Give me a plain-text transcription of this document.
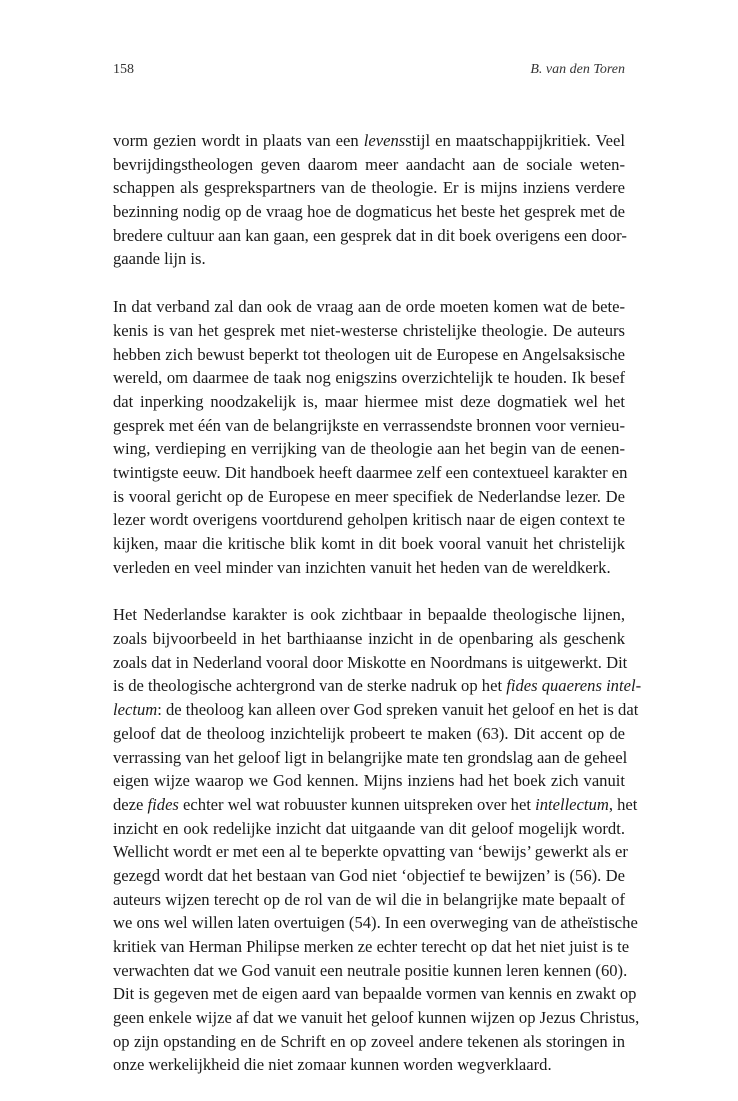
158	B. van den Toren
vorm gezien wordt in plaats van een levensstijl en maatschappijkritiek. Veel
bevrijdingstheologen geven daarom meer aandacht aan de sociale weten-
schappen als gesprekspartners van de theologie. Er is mijns inziens verdere
bezinning nodig op de vraag hoe de dogmaticus het beste het gesprek met de
bredere cultuur aan kan gaan, een gesprek dat in dit boek overigens een door-
gaande lijn is.
In dat verband zal dan ook de vraag aan de orde moeten komen wat de bete-
kenis is van het gesprek met niet-westerse christelijke theologie. De auteurs
hebben zich bewust beperkt tot theologen uit de Europese en Angelsaksische
wereld, om daarmee de taak nog enigszins overzichtelijk te houden. Ik besef
dat inperking noodzakelijk is, maar hiermee mist deze dogmatiek wel het
gesprek met één van de belangrijkste en verrassendste bronnen voor vernieu-
wing, verdieping en verrijking van de theologie aan het begin van de eenen-
twintigste eeuw. Dit handboek heeft daarmee zelf een contextueel karakter en
is vooral gericht op de Europese en meer specifiek de Nederlandse lezer. De
lezer wordt overigens voortdurend geholpen kritisch naar de eigen context te
kijken, maar die kritische blik komt in dit boek vooral vanuit het christelijk
verleden en veel minder van inzichten vanuit het heden van de wereldkerk.
Het Nederlandse karakter is ook zichtbaar in bepaalde theologische lijnen,
zoals bijvoorbeeld in het barthiaanse inzicht in de openbaring als geschenk
zoals dat in Nederland vooral door Miskotte en Noordmans is uitgewerkt. Dit
is de theologische achtergrond van de sterke nadruk op het fides quaerens intel-
lectum: de theoloog kan alleen over God spreken vanuit het geloof en het is dat
geloof dat de theoloog inzichtelijk probeert te maken (63). Dit accent op de
verrassing van het geloof ligt in belangrijke mate ten grondslag aan de geheel
eigen wijze waarop we God kennen. Mijns inziens had het boek zich vanuit
deze fides echter wel wat robuuster kunnen uitspreken over het intellectum, het
inzicht en ook redelijke inzicht dat uitgaande van dit geloof mogelijk wordt.
Wellicht wordt er met een al te beperkte opvatting van ‘bewijs’ gewerkt als er
gezegd wordt dat het bestaan van God niet ‘objectief te bewijzen’ is (56). De
auteurs wijzen terecht op de rol van de wil die in belangrijke mate bepaalt of
we ons wel willen laten overtuigen (54). In een overweging van de atheïstische
kritiek van Herman Philipse merken ze echter terecht op dat het niet juist is te
verwachten dat we God vanuit een neutrale positie kunnen leren kennen (60).
Dit is gegeven met de eigen aard van bepaalde vormen van kennis en zwakt op
geen enkele wijze af dat we vanuit het geloof kunnen wijzen op Jezus Christus,
op zijn opstanding en de Schrift en op zoveel andere tekenen als storingen in
onze werkelijkheid die niet zomaar kunnen worden wegverklaard.
